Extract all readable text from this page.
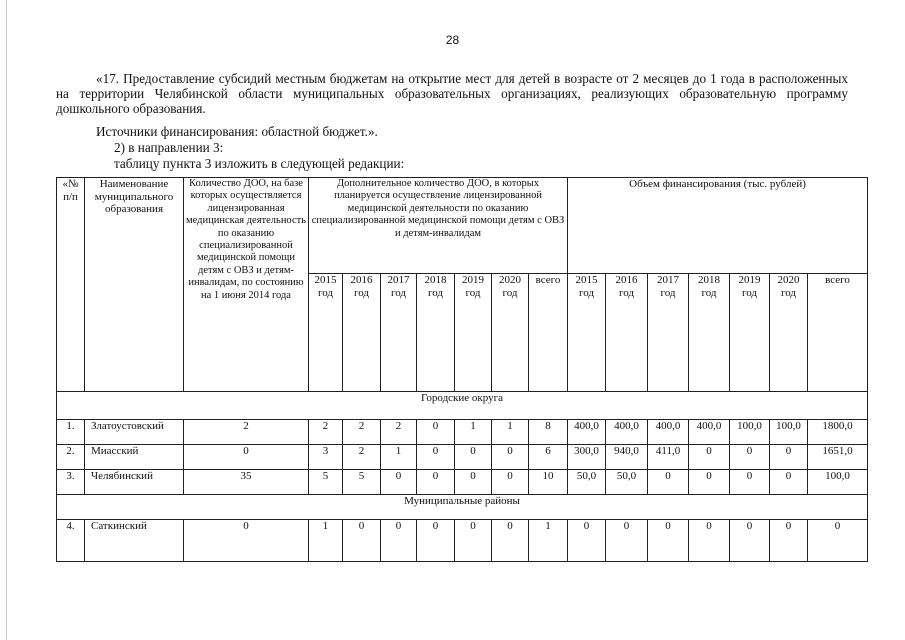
28
«17. Предоставление субсидий местным бюджетам на открытие мест для детей в возрасте от 2 месяцев до 1 года в расположенных на территории Челябинской области муниципальных образовательных организациях, реализующих образовательную программу дошкольного образования.
Источники финансирования: областной бюджет.».
2) в направлении 3:
таблицу пункта 3 изложить в следующей редакции:
«№ п/п	Наименование муниципального образования	Количество ДОО, на базе которых осуществляется лицензированная медицинская деятельность по оказанию специализированной медицинской помощи детям с ОВЗ и детям-инвалидам, по состоянию на 1 июня 2014 года	Дополнительное количество ДОО, в которых планируется осуществление лицензированной медицинской деятельности по оказанию специализированной медицинской помощи детям с ОВЗ и детям-инвалидам							Объем финансирования (тыс. рублей)						
			2015 год	2016 год	2017 год	2018 год	2019 год	2020 год	всего	2015 год	2016 год	2017 год	2018 год	2019 год	2020 год	всего
Городские округа																
1.	Златоустовский	2	2	2	2	0	1	1	8	400,0	400,0	400,0	400,0	100,0	100,0	1800,0
2.	Миасский	0	3	2	1	0	0	0	6	300,0	940,0	411,0	0	0	0	1651,0
3.	Челябинский	35	5	5	0	0	0	0	10	50,0	50,0	0	0	0	0	100,0
Муниципальные районы																
4.	Саткинский	0	1	0	0	0	0	0	1	0	0	0	0	0	0	0
